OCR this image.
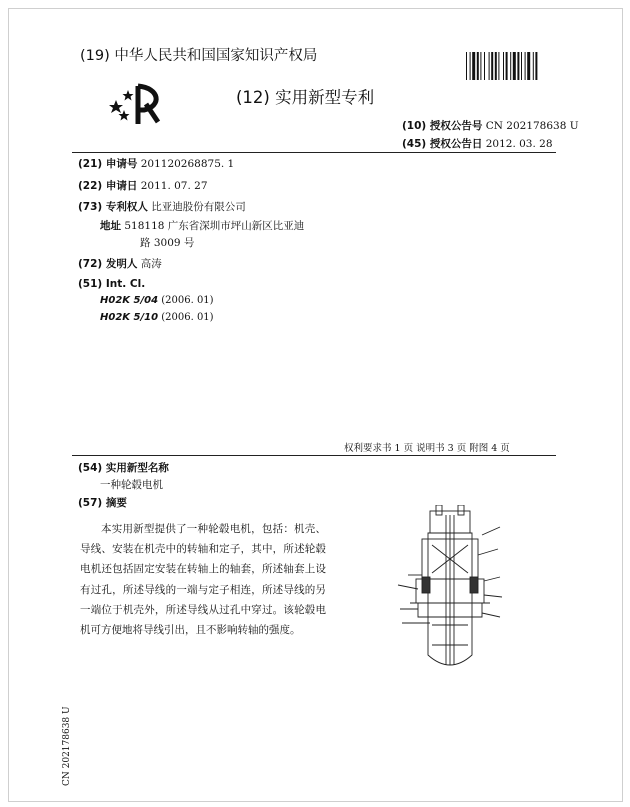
(19) 中华人民共和国国家知识产权局
(12) 实用新型专利
(10) 授权公告号 CN 202178638 U
(45) 授权公告日 2012. 03. 28
(21) 申请号 201120268875. 1
(22) 申请日 2011. 07. 27
(73) 专利权人 比亚迪股份有限公司
地址 518118 广东省深圳市坪山新区比亚迪
路 3009 号
(72) 发明人 高涛
(51) Int. Cl.
H02K 5/04 (2006. 01)
H02K 5/10 (2006. 01)
权利要求书 1 页 说明书 3 页 附图 4 页
(54) 实用新型名称
一种轮毂电机
(57) 摘要
本实用新型提供了一种轮毂电机，包括：机壳、导线、安装在机壳中的转轴和定子，其中，所述轮毂电机还包括固定安装在转轴上的轴套，所述轴套上设有过孔，所述导线的一端与定子相连，所述导线的另一端位于机壳外，所述导线从过孔中穿过。该轮毂电机可方便地将导线引出，且不影响转轴的强度。
CN 202178638 U
